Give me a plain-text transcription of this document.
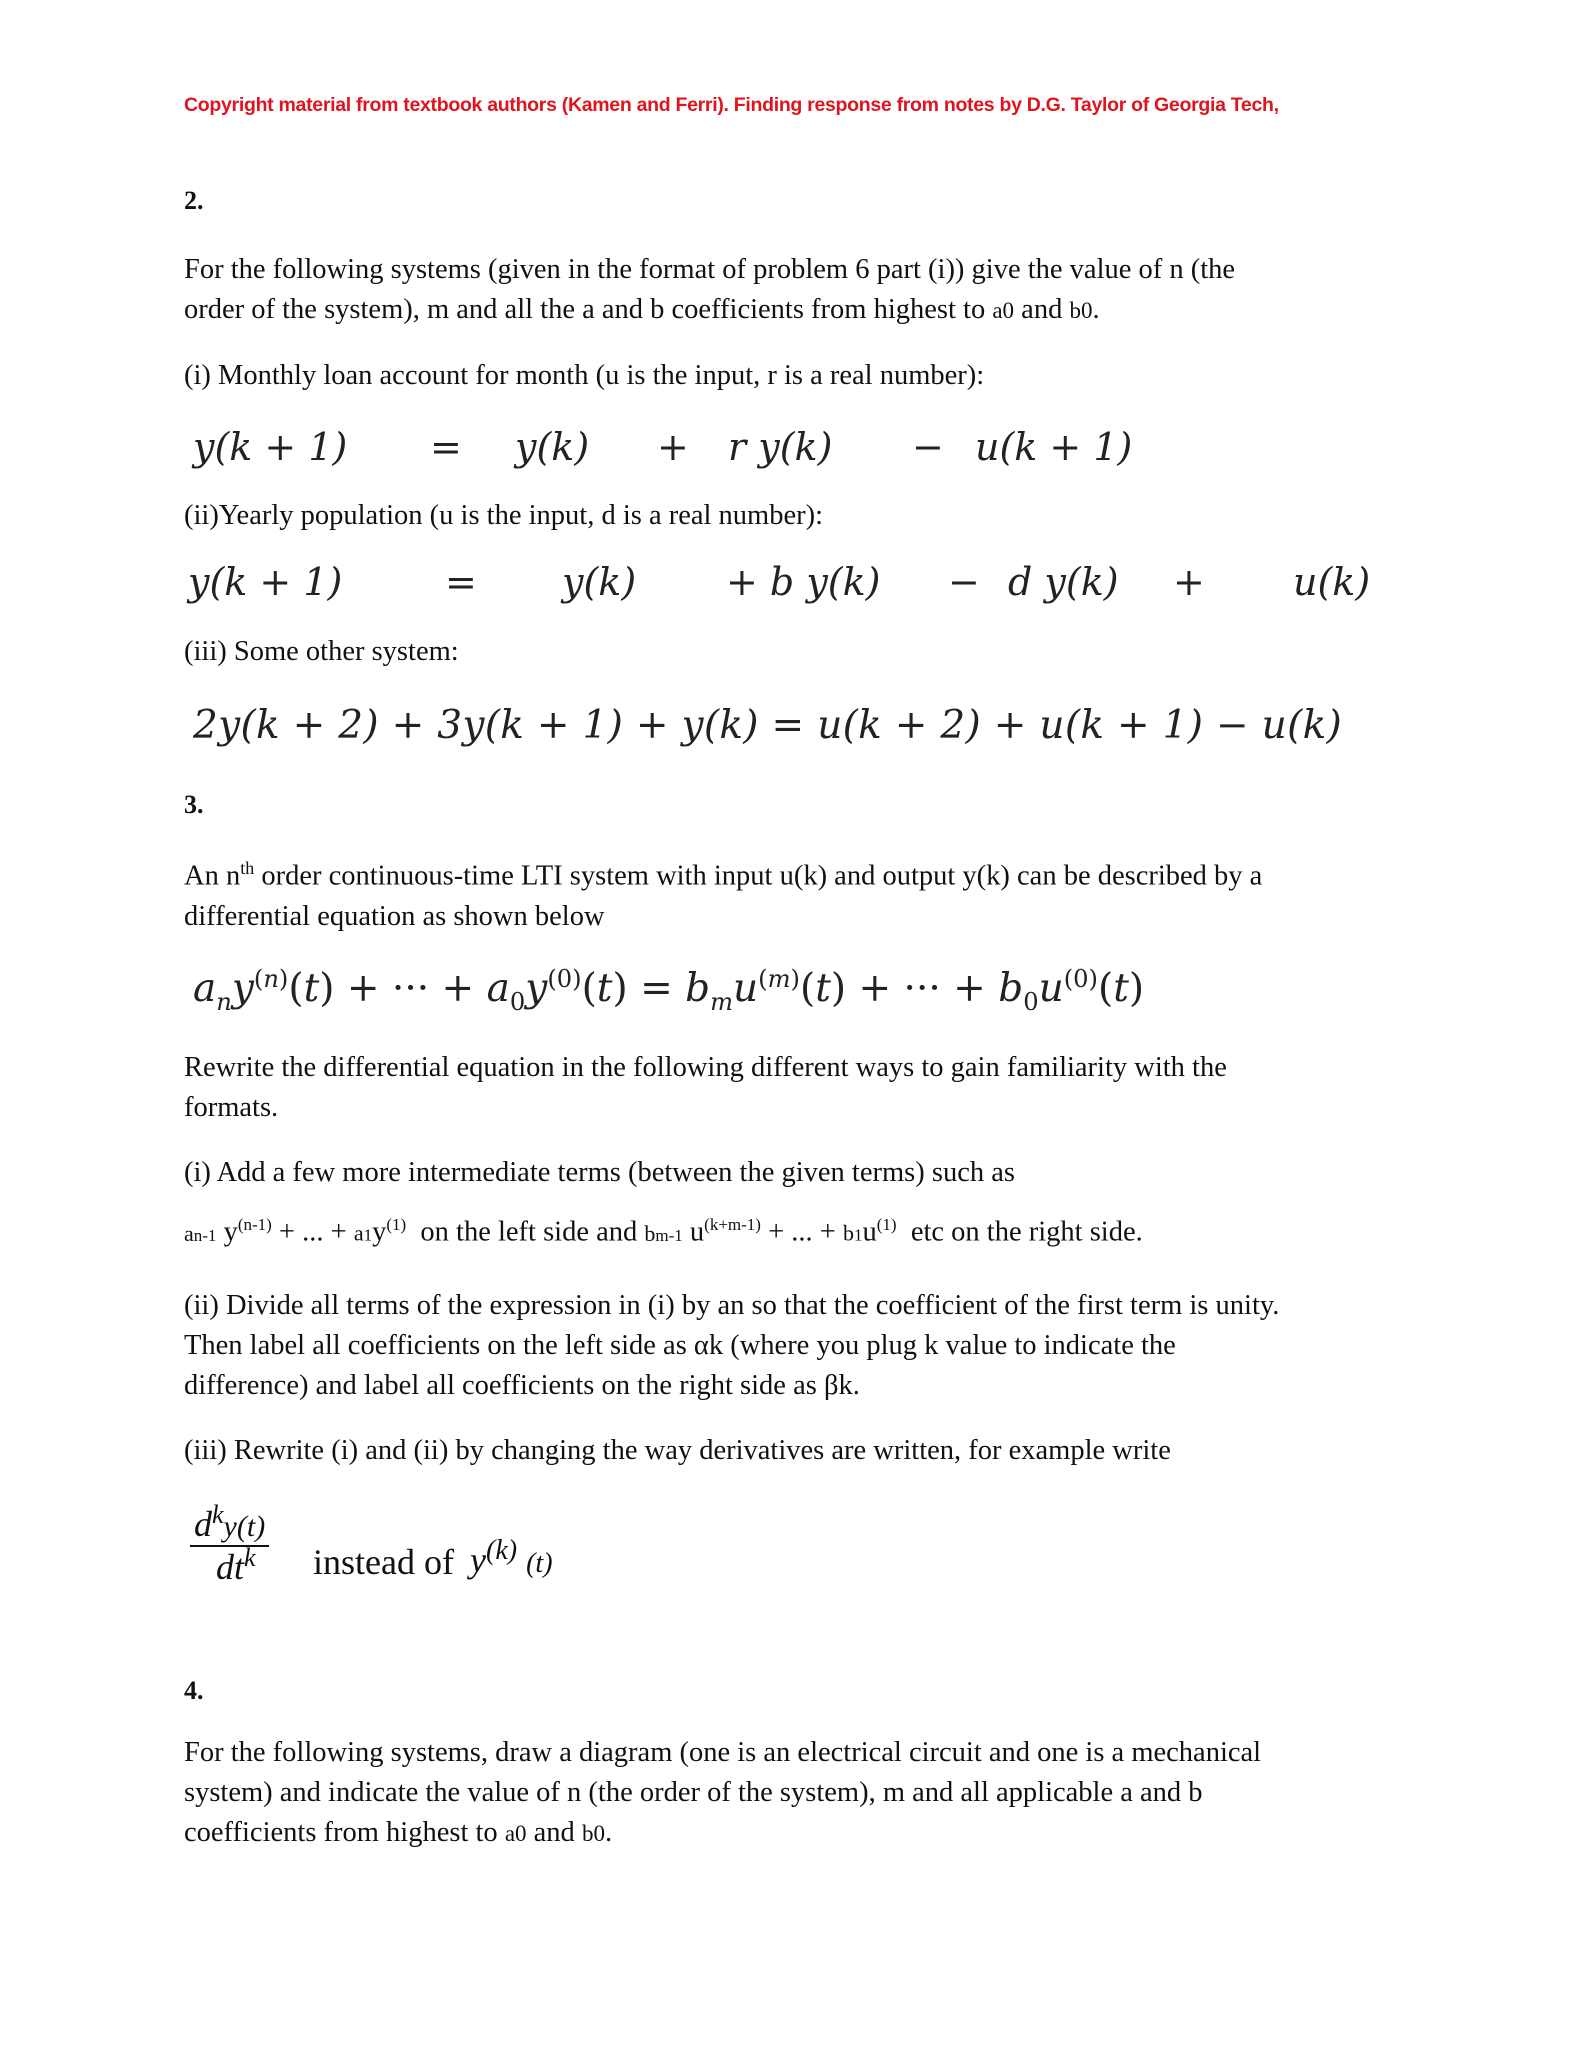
Copyright material from textbook authors (Kamen and Ferri). Finding response from notes by D.G. Taylor of Georgia Tech,
2.
For the following systems (given in the format of problem 6 part (i)) give the value of n (the
order of the system), m and all the a and b coefficients from highest to a0 and b0.
(i) Monthly loan account for month (u is the input, r is a real number):
y(k + 1) = y(k) + r y(k) − u(k + 1)
(ii)Yearly population (u is the input, d is a real number):
y(k + 1)	= y(k) + b y(k) − d y(k) + u(k)
(iii) Some other system:
2y(k + 2) + 3y(k + 1) + y(k) = u(k + 2) + u(k + 1) − u(k)
3.
An $n^{th}$ order continuous-time LTI system with input u(k) and output y(k) can be described by a
differential equation as shown below
$a_ny^{(n)}(t)$ + ··· + $a_0y^{(0)}(t) = b_mu^{(m)}(t)$ + ··· + $b_0u^{(0)}(t)$
Rewrite the differential equation in the following different ways to gain familiarity with the
formats.
(i) Add a few more intermediate terms (between the given terms) such as
an-1 $y^{(n-1)}$ + ... + $a1y^{(1)}$ on the left side and bm-1 $u^{(k+m-1)}$ + ... + $b1u^{(1)}$ etc on the right side.
(ii) Divide all terms of the expression in (i) by an so that the coefficient of the first term is unity.
Then label all coefficients on the left side as αk (where you plug k value to indicate the
difference) and label all coefficients on the right side as βk.
(iii) Rewrite (i) and (ii) by changing the way derivatives are written, for example write
$d^ky(t)$
$dt^k$	instead of $y^{(k)}$ (t)
4.
For the following systems, draw a diagram (one is an electrical circuit and one is a mechanical
system) and indicate the value of n (the order of the system), m and all applicable a and b
coefficients from highest to a0 and b0.
